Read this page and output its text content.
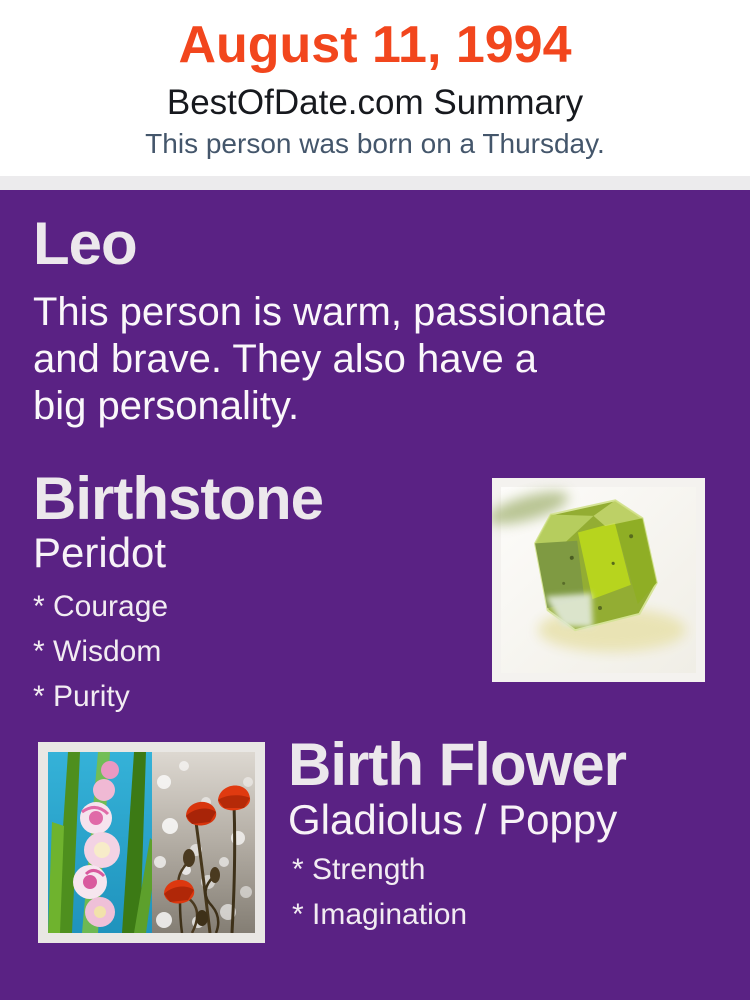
August 11, 1994
BestOfDate.com Summary
This person was born on a Thursday.
Leo
This person is warm, passionate
and brave. They also have a
big personality.
Birthstone
Peridot
* Courage
* Wisdom
* Purity
Birth Flower
Gladiolus / Poppy
* Strength
* Imagination
